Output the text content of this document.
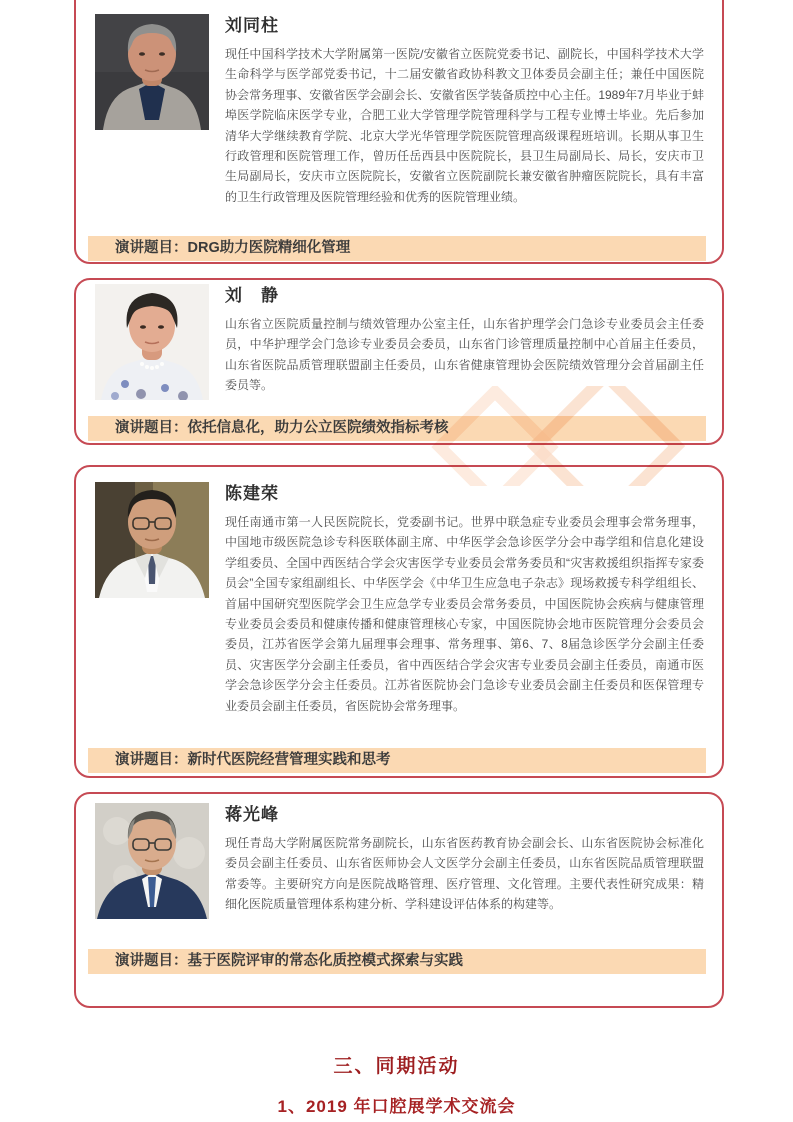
刘同柱

现任中国科学技术大学附属第一医院/安徽省立医院党委书记、副院长，中国科学技术大学生命科学与医学部党委书记，十二届安徽省政协科教文卫体委员会副主任；兼任中国医院协会常务理事、安徽省医学会副会长、安徽省医学装备质控中心主任。1989年7月毕业于蚌埠医学院临床医学专业，合肥工业大学管理学院管理科学与工程专业博士毕业。先后参加清华大学继续教育学院、北京大学光华管理学院医院管理高级课程班培训。长期从事卫生行政管理和医院管理工作，曾历任岳西县中医院院长，县卫生局副局长、局长，安庆市卫生局副局长，安庆市立医院院长，安徽省立医院副院长兼安徽省肿瘤医院院长，具有丰富的卫生行政管理及医院管理经验和优秀的医院管理业绩。

演讲题目：DRG助力医院精细化管理
刘　静

山东省立医院质量控制与绩效管理办公室主任，山东省护理学会门急诊专业委员会主任委员，中华护理学会门急诊专业委员会委员，山东省门诊管理质量控制中心首届主任委员，山东省医院品质管理联盟副主任委员，山东省健康管理协会医院绩效管理分会首届副主任委员等。

演讲题目：依托信息化，助力公立医院绩效指标考核
陈建荣

现任南通市第一人民医院院长，党委副书记。世界中联急症专业委员会理事会常务理事，中国地市级医院急诊专科医联体副主席、中华医学会急诊医学分会中毒学组和信息化建设学组委员、全国中西医结合学会灾害医学专业委员会常务委员和“灾害救援组织指挥专家委员会”全国专家组副组长、中华医学会《中华卫生应急电子杂志》现场救援专科学组组长、首届中国研究型医院学会卫生应急学专业委员会常务委员，中国医院协会疾病与健康管理专业委员会委员和健康传播和健康管理核心专家，中国医院协会地市医院管理分会委员会委员，江苏省医学会第九届理事会理事、常务理事、第6、7、8届急诊医学分会副主任委员、灾害医学分会副主任委员，省中西医结合学会灾害专业委员会副主任委员，南通市医学会急诊医学分会主任委员。江苏省医院协会门急诊专业委员会副主任委员和医保管理专业委员会副主任委员，省医院协会常务理事。

演讲题目：新时代医院经营管理实践和思考
蒋光峰

现任青岛大学附属医院常务副院长，山东省医药教育协会副会长、山东省医院协会标准化委员会副主任委员、山东省医师协会人文医学分会副主任委员，山东省医院品质管理联盟常委等。主要研究方向是医院战略管理、医疗管理、文化管理。主要代表性研究成果：精细化医院质量管理体系构建分析、学科建设评估体系的构建等。

演讲题目：基于医院评审的常态化质控模式探索与实践
三、同期活动
1、2019 年口腔展学术交流会
